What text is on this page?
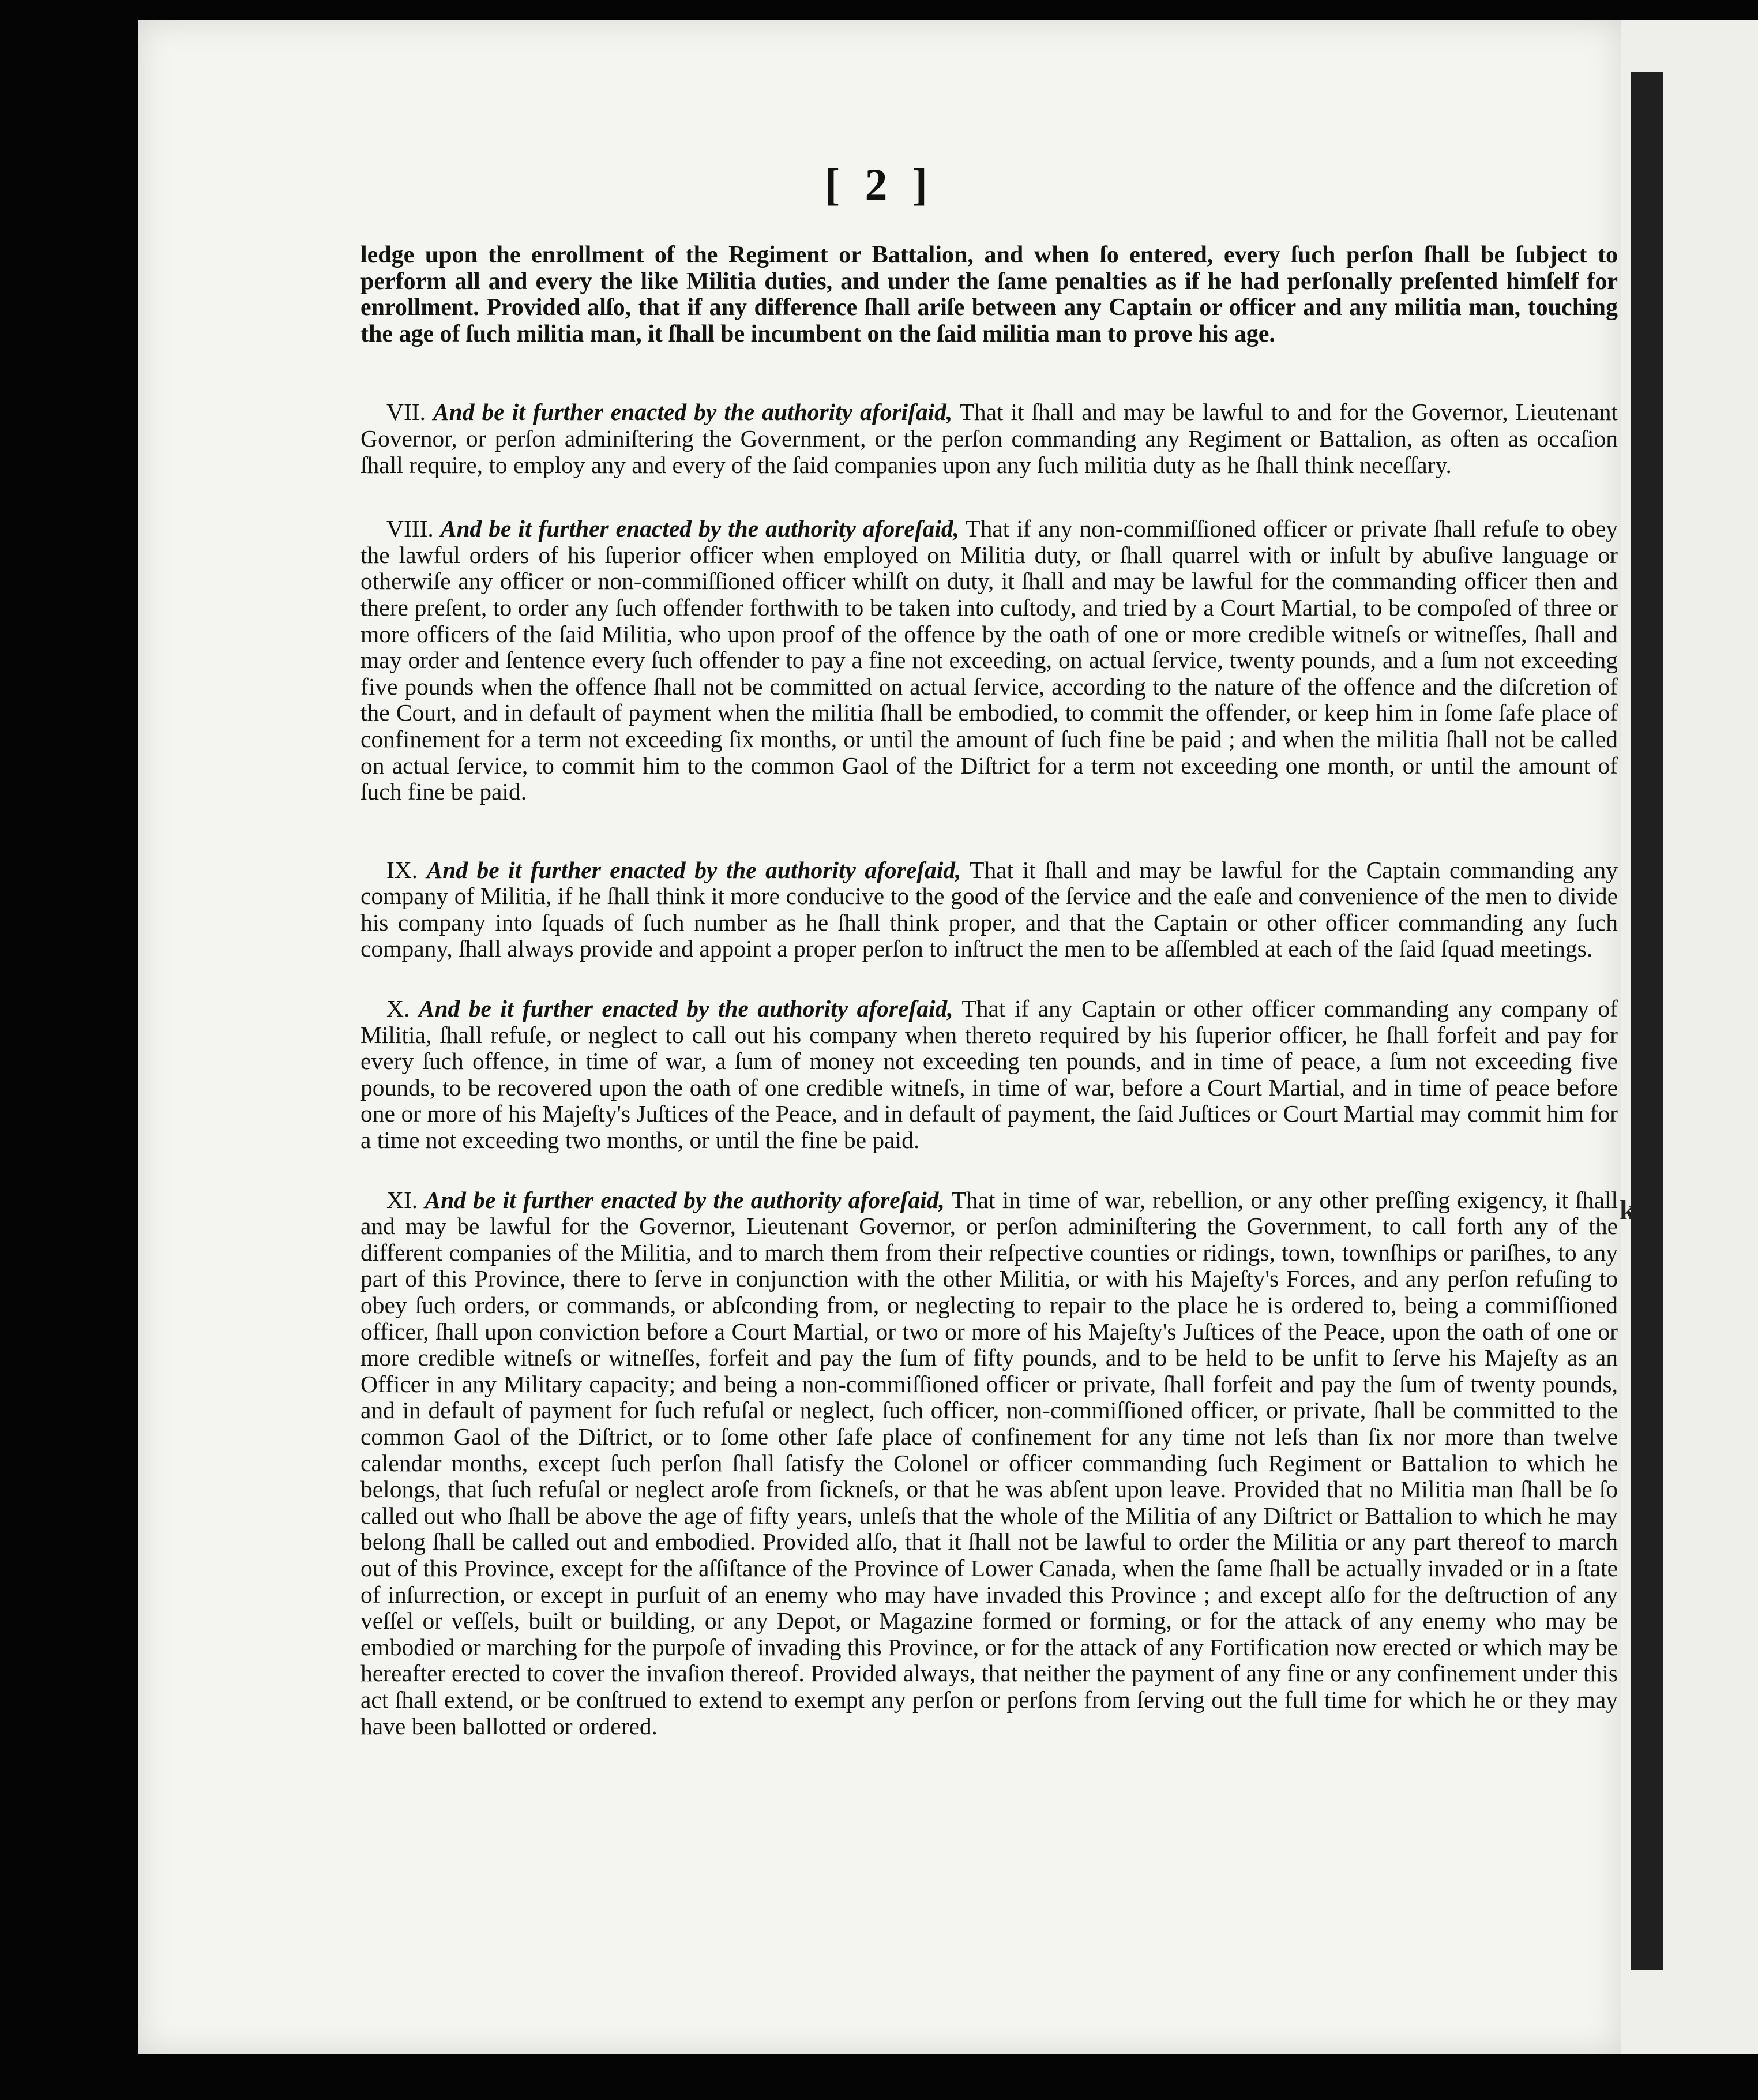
[ 2 ]

ledge upon the enrollment of the Regiment or Battalion, and when ſo entered, every ſuch perſon ſhall be ſubject to perform all and every the like Militia duties, and under the ſame penalties as if he had perſonally preſented himſelf for enrollment. Provided alſo, that if any difference ſhall ariſe between any Captain or officer and any militia man, touching the age of ſuch militia man, it ſhall be incumbent on the ſaid militia man to prove his age.

VII. And be it further enacted by the authority aforiſaid, That it ſhall and may be lawful to and for the Governor, Lieutenant Governor, or perſon adminiſtering the Government, or the perſon commanding any Regiment or Battalion, as often as occaſion ſhall require, to employ any and every of the ſaid companies upon any ſuch militia duty as he ſhall think neceſſary.

VIII. And be it further enacted by the authority aforeſaid, That if any non-commiſſioned officer or private ſhall refuſe to obey the lawful orders of his ſuperior officer when employed on Militia duty, or ſhall quarrel with or inſult by abuſive language or otherwiſe any officer or non-commiſſioned officer whilſt on duty, it ſhall and may be lawful for the commanding officer then and there preſent, to order any ſuch offender forthwith to be taken into cuſtody, and tried by a Court Martial, to be compoſed of three or more officers of the ſaid Militia, who upon proof of the offence by the oath of one or more credible witneſs or witneſſes, ſhall and may order and ſentence every ſuch offender to pay a fine not exceeding, on actual ſervice, twenty pounds, and a ſum not exceeding five pounds when the offence ſhall not be committed on actual ſervice, according to the nature of the offence and the diſcretion of the Court, and in default of payment when the militia ſhall be embodied, to commit the offender, or keep him in ſome ſafe place of confinement for a term not exceeding ſix months, or until the amount of ſuch fine be paid ; and when the militia ſhall not be called on actual ſervice, to commit him to the common Gaol of the Diſtrict for a term not exceeding one month, or until the amount of ſuch fine be paid.

IX. And be it further enacted by the authority aforeſaid, That it ſhall and may be lawful for the Captain commanding any company of Militia, if he ſhall think it more conducive to the good of the ſervice and the eaſe and convenience of the men to divide his company into ſquads of ſuch number as he ſhall think proper, and that the Captain or other officer commanding any ſuch company, ſhall always provide and appoint a proper perſon to inſtruct the men to be aſſembled at each of the ſaid ſquad meetings.

X. And be it further enacted by the authority aforeſaid, That if any Captain or other officer commanding any company of Militia, ſhall refuſe, or neglect to call out his company when thereto required by his ſuperior officer, he ſhall forfeit and pay for every ſuch offence, in time of war, a ſum of money not exceeding ten pounds, and in time of peace, a ſum not exceeding five pounds, to be recovered upon the oath of one credible witneſs, in time of war, before a Court Martial, and in time of peace before one or more of his Majeſty's Juſtices of the Peace, and in default of payment, the ſaid Juſtices or Court Martial may commit him for a time not exceeding two months, or until the fine be paid.

XI. And be it further enacted by the authority aforeſaid, That in time of war, rebellion, or any other preſſing exigency, it ſhall and may be lawful for the Governor, Lieutenant Governor, or perſon adminiſtering the Government, to call forth any of the different companies of the Militia, and to march them from their reſpective counties or ridings, town, townſhips or pariſhes, to any part of this Province, there to ſerve in conjunction with the other Militia, or with his Majeſty's Forces, and any perſon refuſing to obey ſuch orders, or commands, or abſconding from, or neglecting to repair to the place he is ordered to, being a commiſſioned officer, ſhall upon conviction before a Court Martial, or two or more of his Majeſty's Juſtices of the Peace, upon the oath of one or more credible witneſs or witneſſes, forfeit and pay the ſum of fifty pounds, and to be held to be unfit to ſerve his Majeſty as an Officer in any Military capacity; and being a non-commiſſioned officer or private, ſhall forfeit and pay the ſum of twenty pounds, and in default of payment for ſuch refuſal or neglect, ſuch officer, non-commiſſioned officer, or private, ſhall be committed to the common Gaol of the Diſtrict, or to ſome other ſafe place of confinement for any time not leſs than ſix nor more than twelve calendar months, except ſuch perſon ſhall ſatisfy the Colonel or officer commanding ſuch Regiment or Battalion to which he belongs, that ſuch refuſal or neglect aroſe from ſickneſs, or that he was abſent upon leave. Provided that no Militia man ſhall be ſo called out who ſhall be above the age of fifty years, unleſs that the whole of the Militia of any Diſtrict or Battalion to which he may belong ſhall be called out and embodied. Provided alſo, that it ſhall not be lawful to order the Militia or any part thereof to march out of this Province, except for the aſſiſtance of the Province of Lower Canada, when the ſame ſhall be actually invaded or in a ſtate of inſurrection, or except in purſuit of an enemy who may have invaded this Province ; and except alſo for the deſtruction of any veſſel or veſſels, built or building, or any Depot, or Magazine formed or forming, or for the attack of any enemy who may be embodied or marching for the purpoſe of invading this Province, or for the attack of any Fortification now erected or which may be hereafter erected to cover the invaſion thereof. Provided always, that neither the payment of any fine or any confinement under this act ſhall extend, or be conſtrued to extend to exempt any perſon or perſons from ſerving out the full time for which he or they may have been ballotted or ordered.

k
